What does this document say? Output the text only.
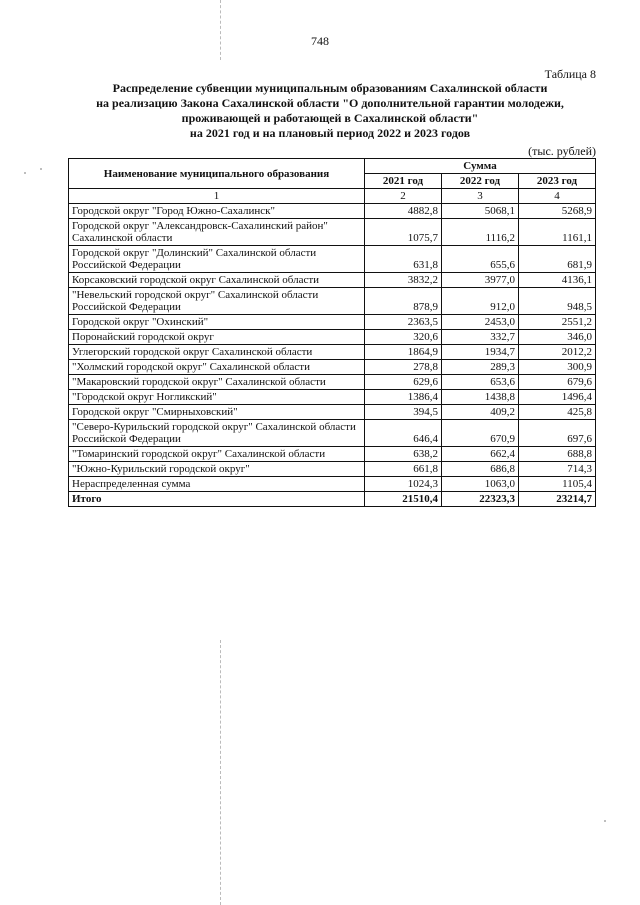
748
Таблица 8
Распределение субвенции муниципальным образованиям Сахалинской области
на реализацию Закона Сахалинской области "О дополнительной гарантии молодежи,
проживающей и работающей в Сахалинской области"
на 2021 год и на плановый период 2022 и 2023 годов
(тыс. рублей)
Наименование муниципального образования	Сумма		
	2021 год	2022 год	2023 год
1	2	3	4
Городской округ "Город Южно-Сахалинск"	4882,8	5068,1	5268,9
Городской округ "Александровск-Сахалинский район" Сахалинской области	1075,7	1116,2	1161,1
Городской округ "Долинский" Сахалинской области Российской Федерации	631,8	655,6	681,9
Корсаковский городской округ Сахалинской области	3832,2	3977,0	4136,1
"Невельский городской округ" Сахалинской области Российской Федерации	878,9	912,0	948,5
Городской округ "Охинский"	2363,5	2453,0	2551,2
Поронайский городской округ	320,6	332,7	346,0
Углегорский городской округ Сахалинской области	1864,9	1934,7	2012,2
"Холмский городской округ" Сахалинской области	278,8	289,3	300,9
"Макаровский городской округ" Сахалинской области	629,6	653,6	679,6
"Городской округ Ногликский"	1386,4	1438,8	1496,4
Городской округ "Смирныховский"	394,5	409,2	425,8
"Северо-Курильский городской округ" Сахалинской области Российской Федерации	646,4	670,9	697,6
"Томаринский городской округ" Сахалинской области	638,2	662,4	688,8
"Южно-Курильский городской округ"	661,8	686,8	714,3
Нераспределенная сумма	1024,3	1063,0	1105,4
Итого	21510,4	22323,3	23214,7
